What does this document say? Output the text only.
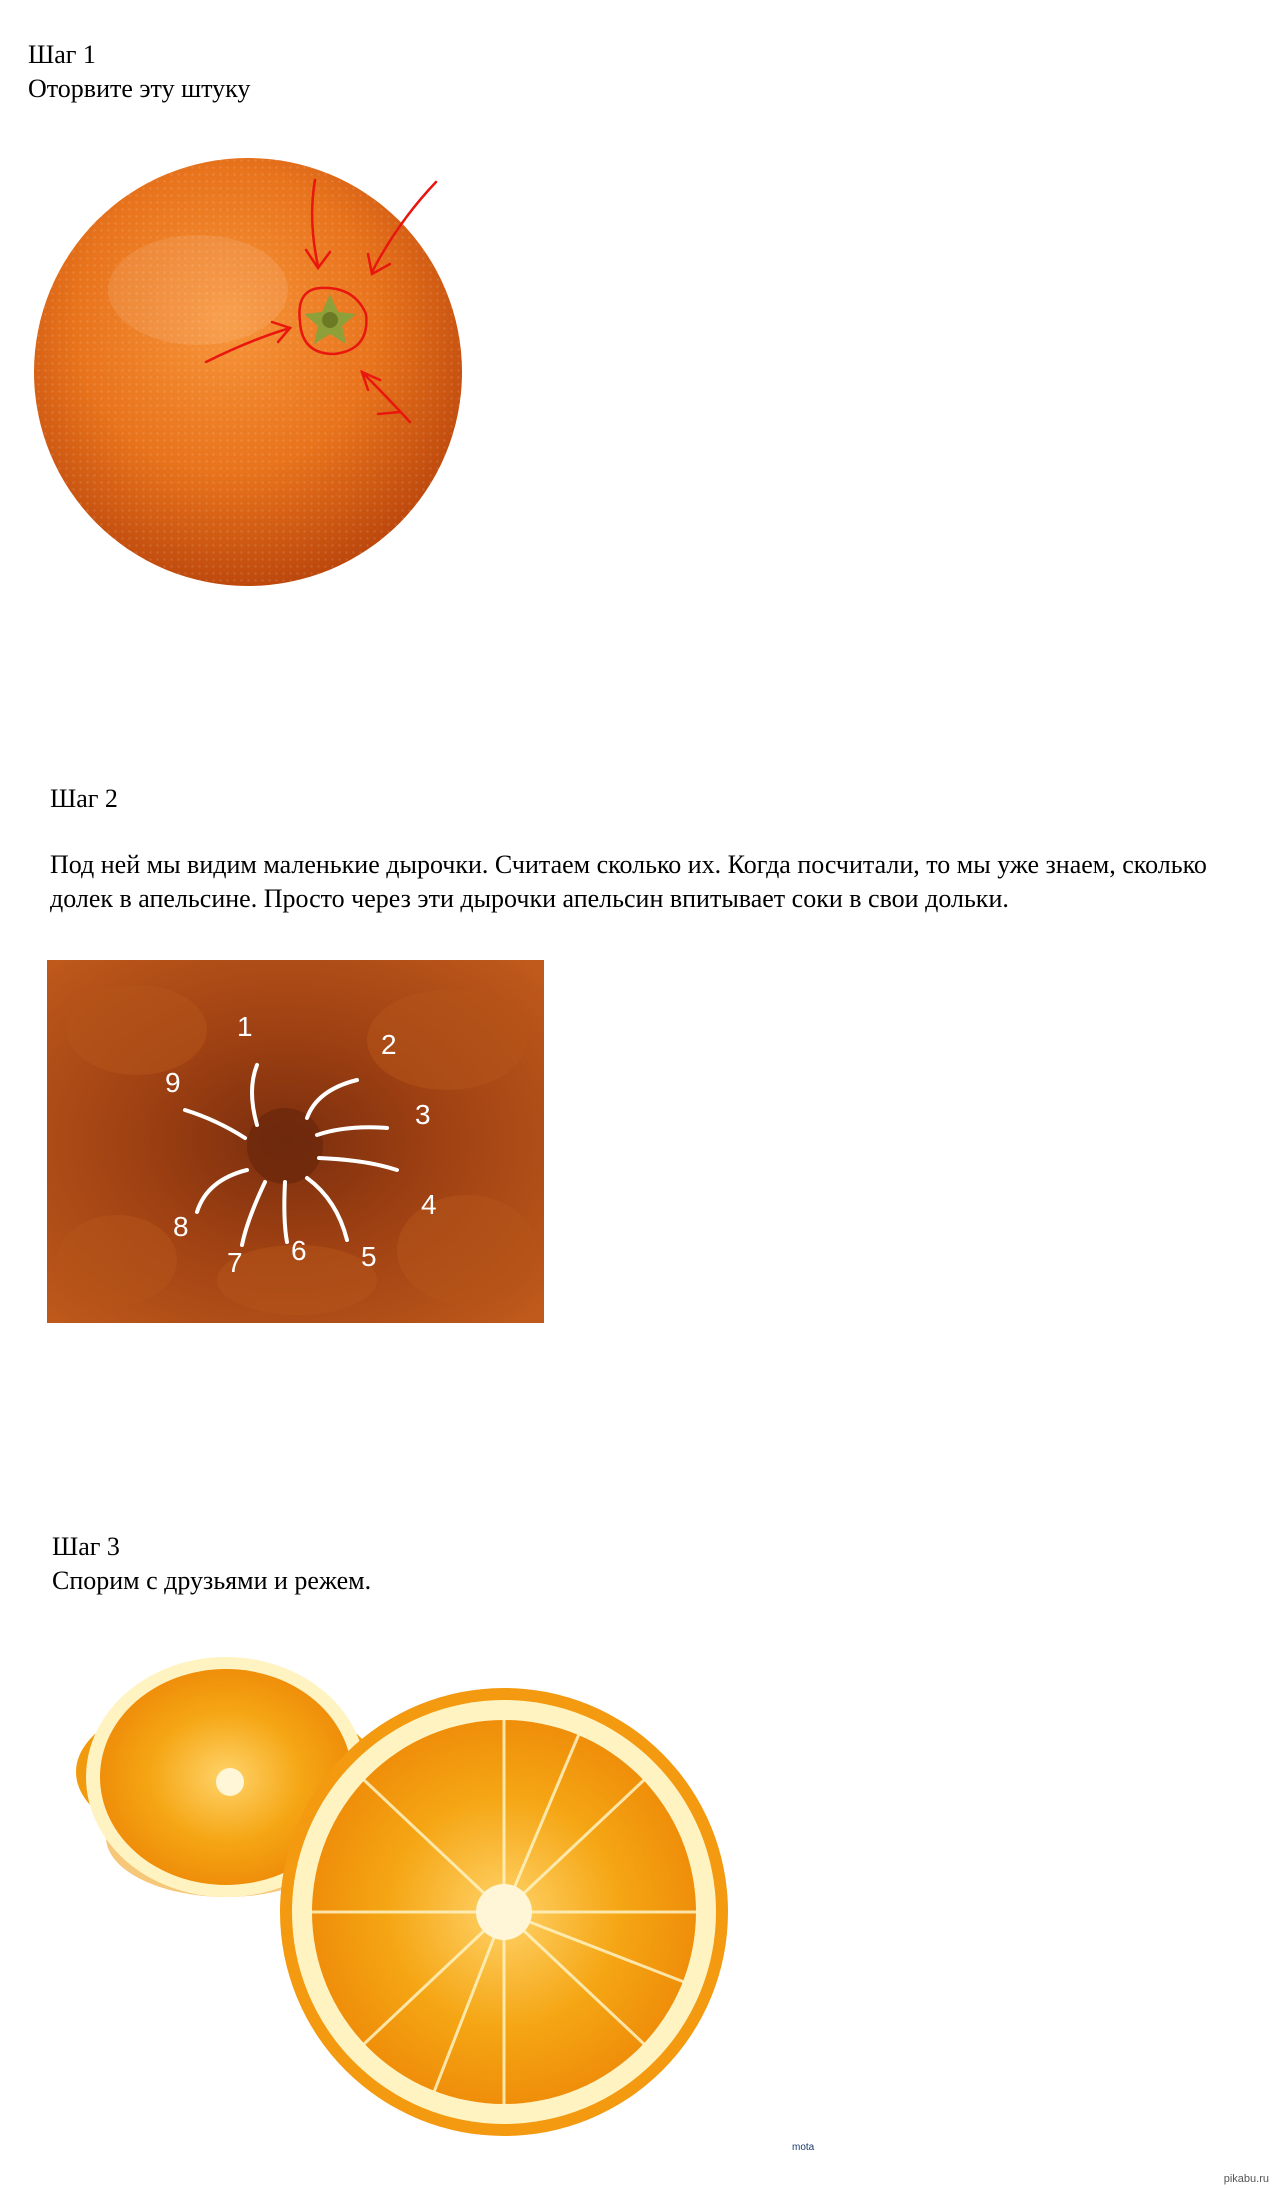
Шаг 1
Оторвите эту штуку
Шаг 2
Под ней мы видим маленькие дырочки. Считаем сколько их. Когда посчитали, то мы уже знаем, сколько долек в апельсине. Просто через эти дырочки апельсин впитывает соки в свои дольки.
1
2
3
4
5
6
7
8
9
Шаг 3
Спорим с друзьями и режем.
mota
pikabu.ru
